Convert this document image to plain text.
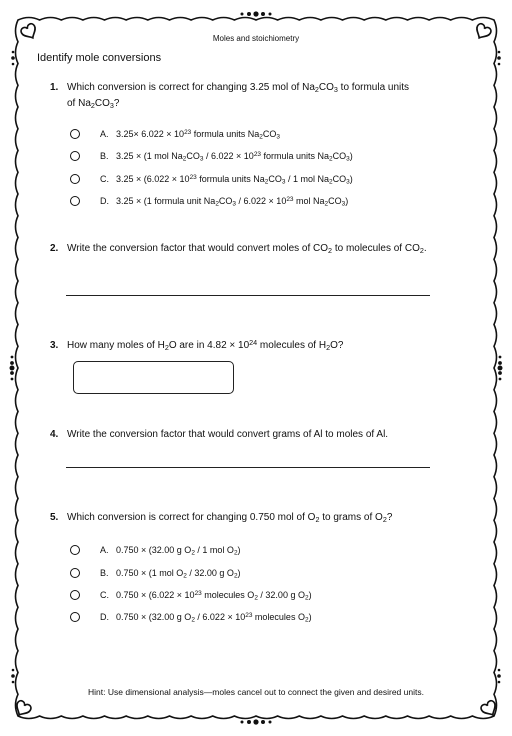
Moles and stoichiometry
Identify mole conversions
1. Which conversion is correct for changing 3.25 mol of $Na_2CO_3$ to formula units
of $Na_2CO_3$?
A. $3.25\times 6.022 \times 10^{23}$ formula units $Na_2CO_3$
B. 3.25 × (1 mol $Na_2CO_3 / 6.022 \times 10^{23}$ formula units $Na_2CO_3$)
C. $3.25 \times (6.022 \times 10^{23}$ formula units $Na_2CO_3 / 1$ mol $Na_2CO_3$)
D. 3.25 × (1 formula unit $Na_2CO_3 / 6.022 \times 10^{23}$ mol $Na_2CO_3$)
2. Write the conversion factor that would convert moles of $CO_2$ to molecules of $CO_2$.
3. How many moles of $H_2O$ are in $4.82 \times 10^{24}$ molecules of $H_2O$?
4. Write the conversion factor that would convert grams of Al to moles of Al.
5. Which conversion is correct for changing 0.750 mol of $O_2$ to grams of $O_2$?
A. 0.750 × (32.00 g $O_2 / 1$ mol $O_2$)
B. 0.750 × (1 mol $O_2 / 32.00$ g $O_2$)
C. $0.750 \times (6.022 \times 10^{23}$ molecules $O_2 / 32.00$ g $O_2$)
D. 0.750 × (32.00 g $O_2 / 6.022 \times 10^{23}$ molecules $O_2$)
Hint: Use dimensional analysis—moles cancel out to connect the given and desired units.
